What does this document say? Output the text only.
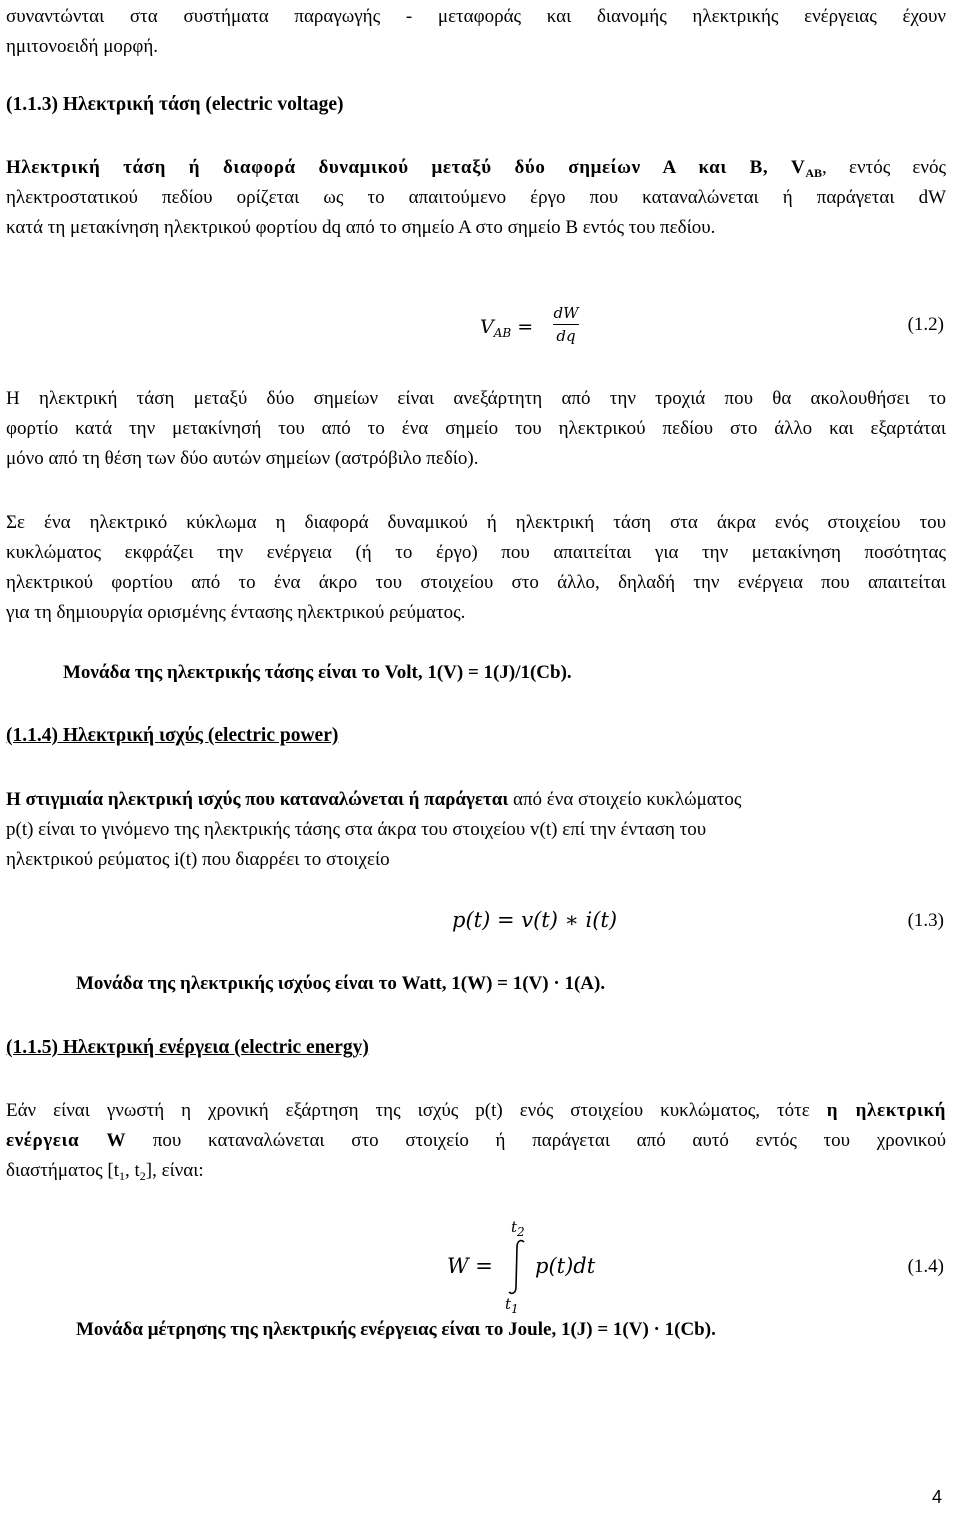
συναντώνται στα συστήματα παραγωγής - μεταφοράς και διανομής ηλεκτρικής ενέργειας έχουν
ημιτονοειδή μορφή.
(1.1.3) Ηλεκτρική τάση (electric voltage)
Ηλεκτρική τάση ή διαφορά δυναμικού μεταξύ δύο σημείων Α και Β, $V_{AB}$, εντός ενός
ηλεκτροστατικού πεδίου ορίζεται ως το απαιτούμενο έργο που καταναλώνεται ή παράγεται dW
κατά τη μετακίνηση ηλεκτρικού φορτίου dq από το σημείο Α στο σημείο Β εντός του πεδίου.
$V_{AB}$ =
dW
dq
(1.2)
Η ηλεκτρική τάση μεταξύ δύο σημείων είναι ανεξάρτητη από την τροχιά που θα ακολουθήσει το
φορτίο κατά την μετακίνησή του από το ένα σημείο του ηλεκτρικού πεδίου στο άλλο και εξαρτάται
μόνο από τη θέση των δύο αυτών σημείων (αστρόβιλο πεδίο).
Σε ένα ηλεκτρικό κύκλωμα η διαφορά δυναμικού ή ηλεκτρική τάση στα άκρα ενός στοιχείου του
κυκλώματος εκφράζει την ενέργεια (ή το έργο) που απαιτείται για την μετακίνηση ποσότητας
ηλεκτρικού φορτίου από το ένα άκρο του στοιχείου στο άλλο, δηλαδή την ενέργεια που απαιτείται
για τη δημιουργία ορισμένης έντασης ηλεκτρικού ρεύματος.
Μονάδα της ηλεκτρικής τάσης είναι το Volt, 1(V) = 1(J)/1(Cb).
(1.1.4) Ηλεκτρική ισχύς (electric power)
Η στιγμιαία ηλεκτρική ισχύς που καταναλώνεται ή παράγεται από ένα στοιχείο κυκλώματος
p(t) είναι το γινόμενο της ηλεκτρικής τάσης στα άκρα του στοιχείου v(t) επί την ένταση του
ηλεκτρικού ρεύματος i(t) που διαρρέει το στοιχείο
p(t) = v(t) ∗ i(t)	(1.3)
Μονάδα της ηλεκτρικής ισχύος είναι το Watt, 1(W) = 1(V) · 1(A).
(1.1.5) Ηλεκτρική ενέργεια (electric energy)
Εάν είναι γνωστή η χρονική εξάρτηση της ισχύς p(t) ενός στοιχείου κυκλώματος, τότε η ηλεκτρική
ενέργεια W που καταναλώνεται στο στοιχείο ή παράγεται από αυτό εντός του χρονικού
διαστήματος [$t_1$, $t_2$], είναι:
W =
$t_2$
$t_1$
p(t)dt	(1.4)
Μονάδα μέτρησης της ηλεκτρικής ενέργειας είναι το Joule, 1(J) = 1(V) · 1(Cb).
4
